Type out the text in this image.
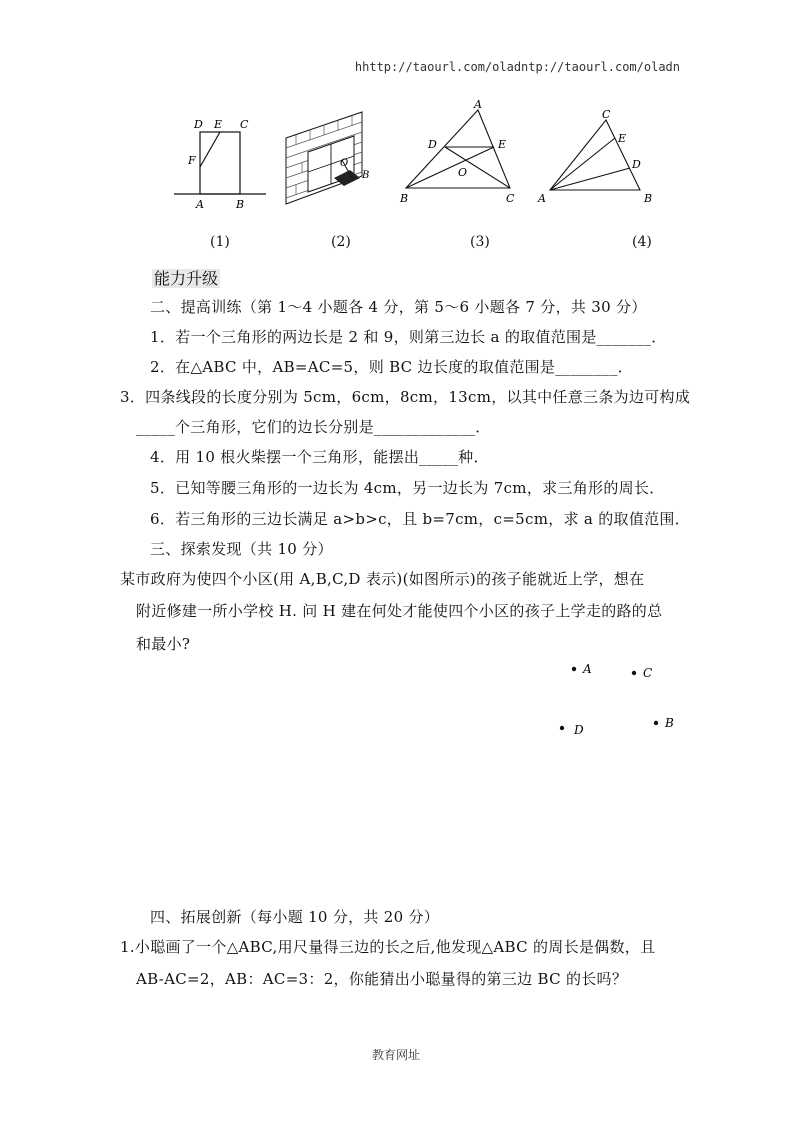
hhttp://taourl.com/oladntp://taourl.com/oladn
D E C
F
A	B
O
B
A
D	E
O
B	C
C
E
D
A	B
(1)	(2)	(3)	(4)
能力升级
二、提高训练（第 1～4 小题各 4 分，第 5～6 小题各 7 分，共 30 分）
1．若一个三角形的两边长是 2 和 9，则第三边长 a 的取值范围是_______．
2．在△ABC 中，AB=AC=5，则 BC 边长度的取值范围是________．
3．四条线段的长度分别为 5cm，6cm，8cm，13cm，以其中任意三条为边可构成
_____个三角形，它们的边长分别是_____________．
4．用 10 根火柴摆一个三角形，能摆出_____种．
5．已知等腰三角形的一边长为 4cm，另一边长为 7cm，求三角形的周长．
6．若三角形的三边长满足 a>b>c，且 b=7cm，c=5cm，求 a 的取值范围．
三、探索发现（共 10 分）
某市政府为使四个小区(用 A,B,C,D 表示)(如图所示)的孩子能就近上学，想在
附近修建一所小学校 H. 问 H 建在何处才能使四个小区的孩子上学走的路的总
和最小?
A	C
D	B
四、拓展创新（每小题 10 分，共 20 分）
1.小聪画了一个△ABC,用尺量得三边的长之后,他发现△ABC 的周长是偶数，且
AB-AC=2，AB：AC=3：2，你能猜出小聪量得的第三边 BC 的长吗？
教育网址
